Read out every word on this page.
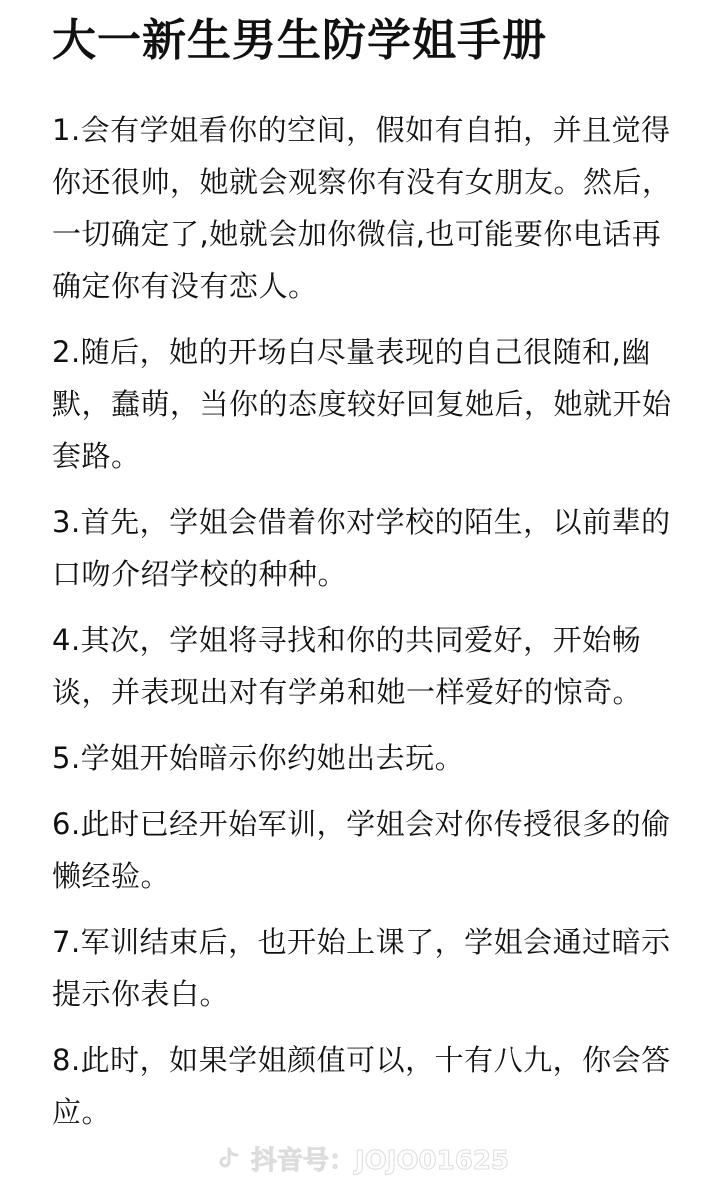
大一新生男生防学姐手册

1.会有学姐看你的空间，假如有自拍，并且觉得你还很帅，她就会观察你有没有女朋友。然后，一切确定了,她就会加你微信,也可能要你电话再确定你有没有恋人。

2.随后，她的开场白尽量表现的自己很随和,幽默，蠢萌，当你的态度较好回复她后，她就开始套路。

3.首先，学姐会借着你对学校的陌生，以前辈的口吻介绍学校的种种。

4.其次，学姐将寻找和你的共同爱好，开始畅谈，并表现出对有学弟和她一样爱好的惊奇。

5.学姐开始暗示你约她出去玩。

6.此时已经开始军训，学姐会对你传授很多的偷懒经验。

7.军训结束后，也开始上课了，学姐会通过暗示提示你表白。

8.此时，如果学姐颜值可以，十有八九，你会答应。

抖音号：JOJO01625
